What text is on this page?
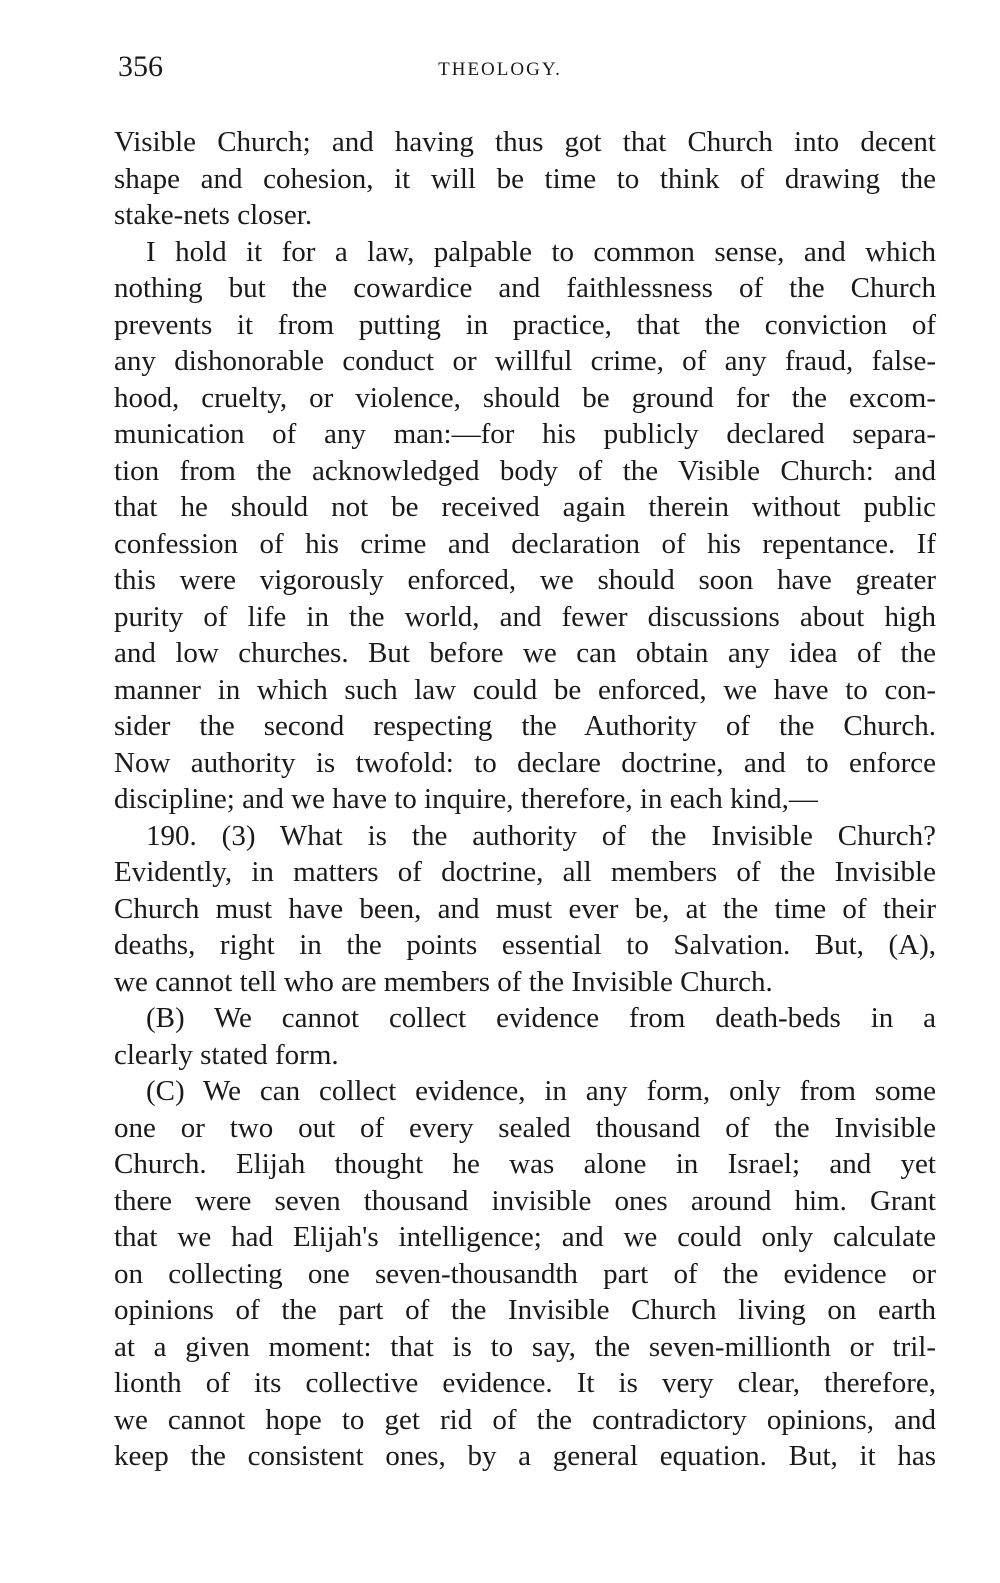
356	THEOLOGY.
Visible Church; and having thus got that Church into decent
shape and cohesion, it will be time to think of drawing the
stake-nets closer.
I hold it for a law, palpable to common sense, and which
nothing but the cowardice and faithlessness of the Church
prevents it from putting in practice, that the conviction of
any dishonorable conduct or willful crime, of any fraud, false-
hood, cruelty, or violence, should be ground for the excom-
munication of any man:—for his publicly declared separa-
tion from the acknowledged body of the Visible Church: and
that he should not be received again therein without public
confession of his crime and declaration of his repentance. If
this were vigorously enforced, we should soon have greater
purity of life in the world, and fewer discussions about high
and low churches. But before we can obtain any idea of the
manner in which such law could be enforced, we have to con-
sider the second respecting the Authority of the Church.
Now authority is twofold: to declare doctrine, and to enforce
discipline; and we have to inquire, therefore, in each kind,—
190. (3) What is the authority of the Invisible Church?
Evidently, in matters of doctrine, all members of the Invisible
Church must have been, and must ever be, at the time of their
deaths, right in the points essential to Salvation. But, (A),
we cannot tell who are members of the Invisible Church.
(B) We cannot collect evidence from death-beds in a
clearly stated form.
(C) We can collect evidence, in any form, only from some
one or two out of every sealed thousand of the Invisible
Church. Elijah thought he was alone in Israel; and yet
there were seven thousand invisible ones around him. Grant
that we had Elijah's intelligence; and we could only calculate
on collecting one seven-thousandth part of the evidence or
opinions of the part of the Invisible Church living on earth
at a given moment: that is to say, the seven-millionth or tril-
lionth of its collective evidence. It is very clear, therefore,
we cannot hope to get rid of the contradictory opinions, and
keep the consistent ones, by a general equation. But, it has
